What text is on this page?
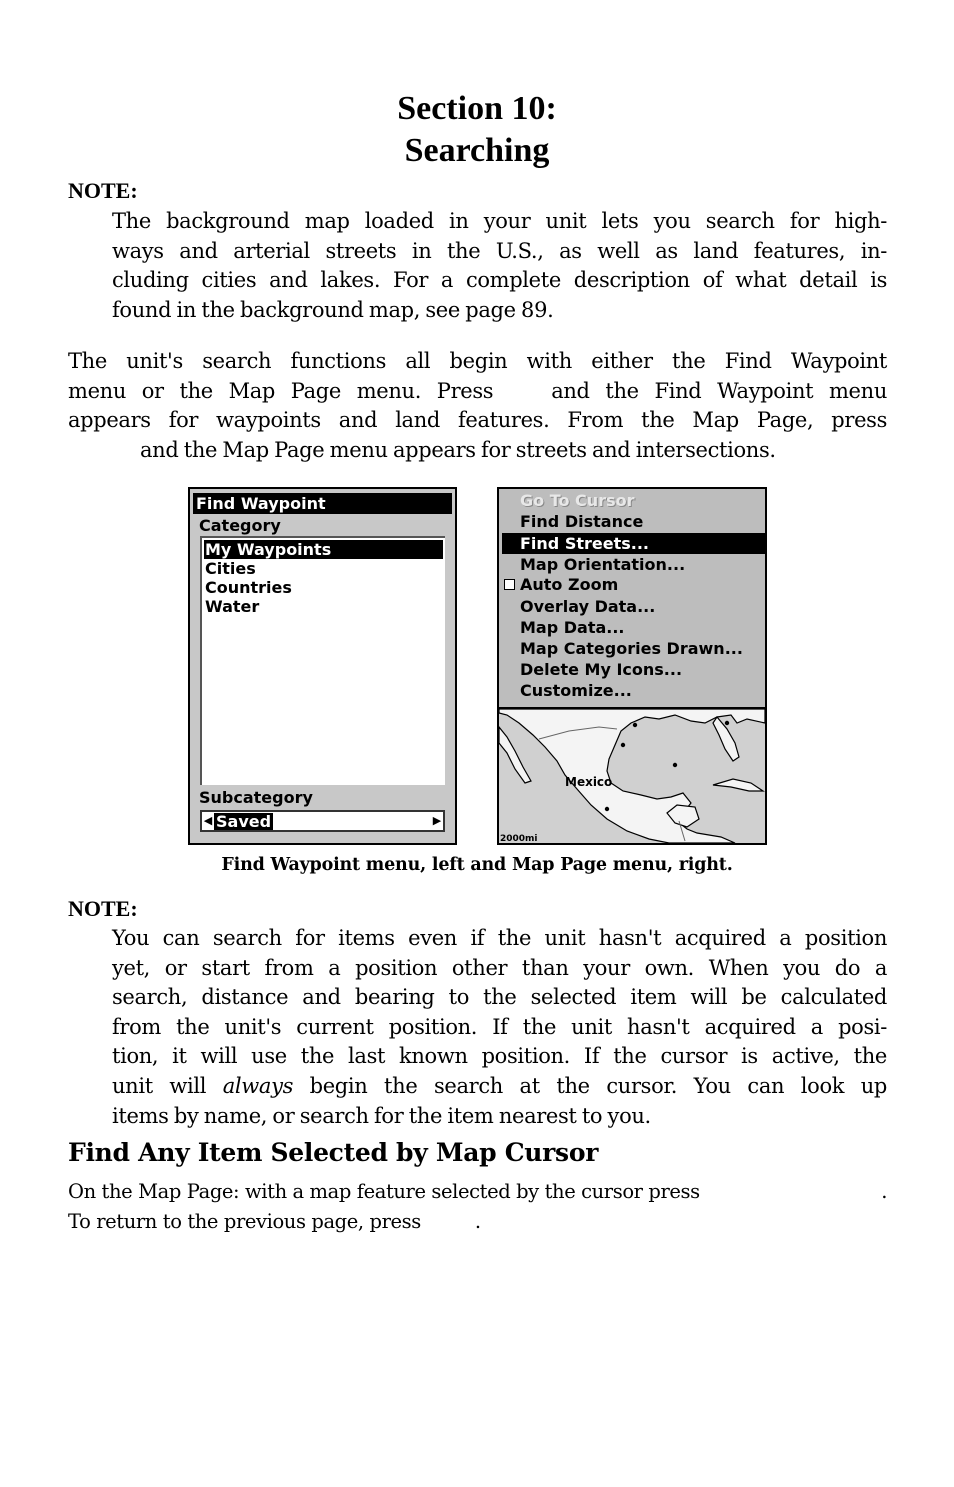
Section 10:
Searching
NOTE:
The background map loaded in your unit lets you search for high-
ways and arterial streets in the U.S., as well as land features, in-
cluding cities and lakes. For a complete description of what detail is
found in the background map, see page 89.
The unit's search functions all begin with either the Find Waypoint
menu or the Map Page menu. Press	and the Find Waypoint menu
appears for waypoints and land features. From the Map Page, press
and the Map Page menu appears for streets and intersections.
Find Waypoint
Category
My Waypoints
Cities
Countries
Water
Subcategory
◀ Saved	▶
Go To Cursor
Find Distance
Find Streets...
Map Orientation...
Auto Zoom
Overlay Data...
Map Data...
Map Categories Drawn...
Delete My Icons...
Customize...
Mexico
2000mi
Find Waypoint menu, left and Map Page menu, right.
NOTE:
You can search for items even if the unit hasn't acquired a position
yet, or start from a position other than your own. When you do a
search, distance and bearing to the selected item will be calculated
from the unit's current position. If the unit hasn't acquired a posi-
tion, it will use the last known position. If the cursor is active, the
unit will always begin the search at the cursor. You can look up
items by name, or search for the item nearest to you.
Find Any Item Selected by Map Cursor
On the Map Page: with a map feature selected by the cursor press	.
To return to the previous page, press	.
